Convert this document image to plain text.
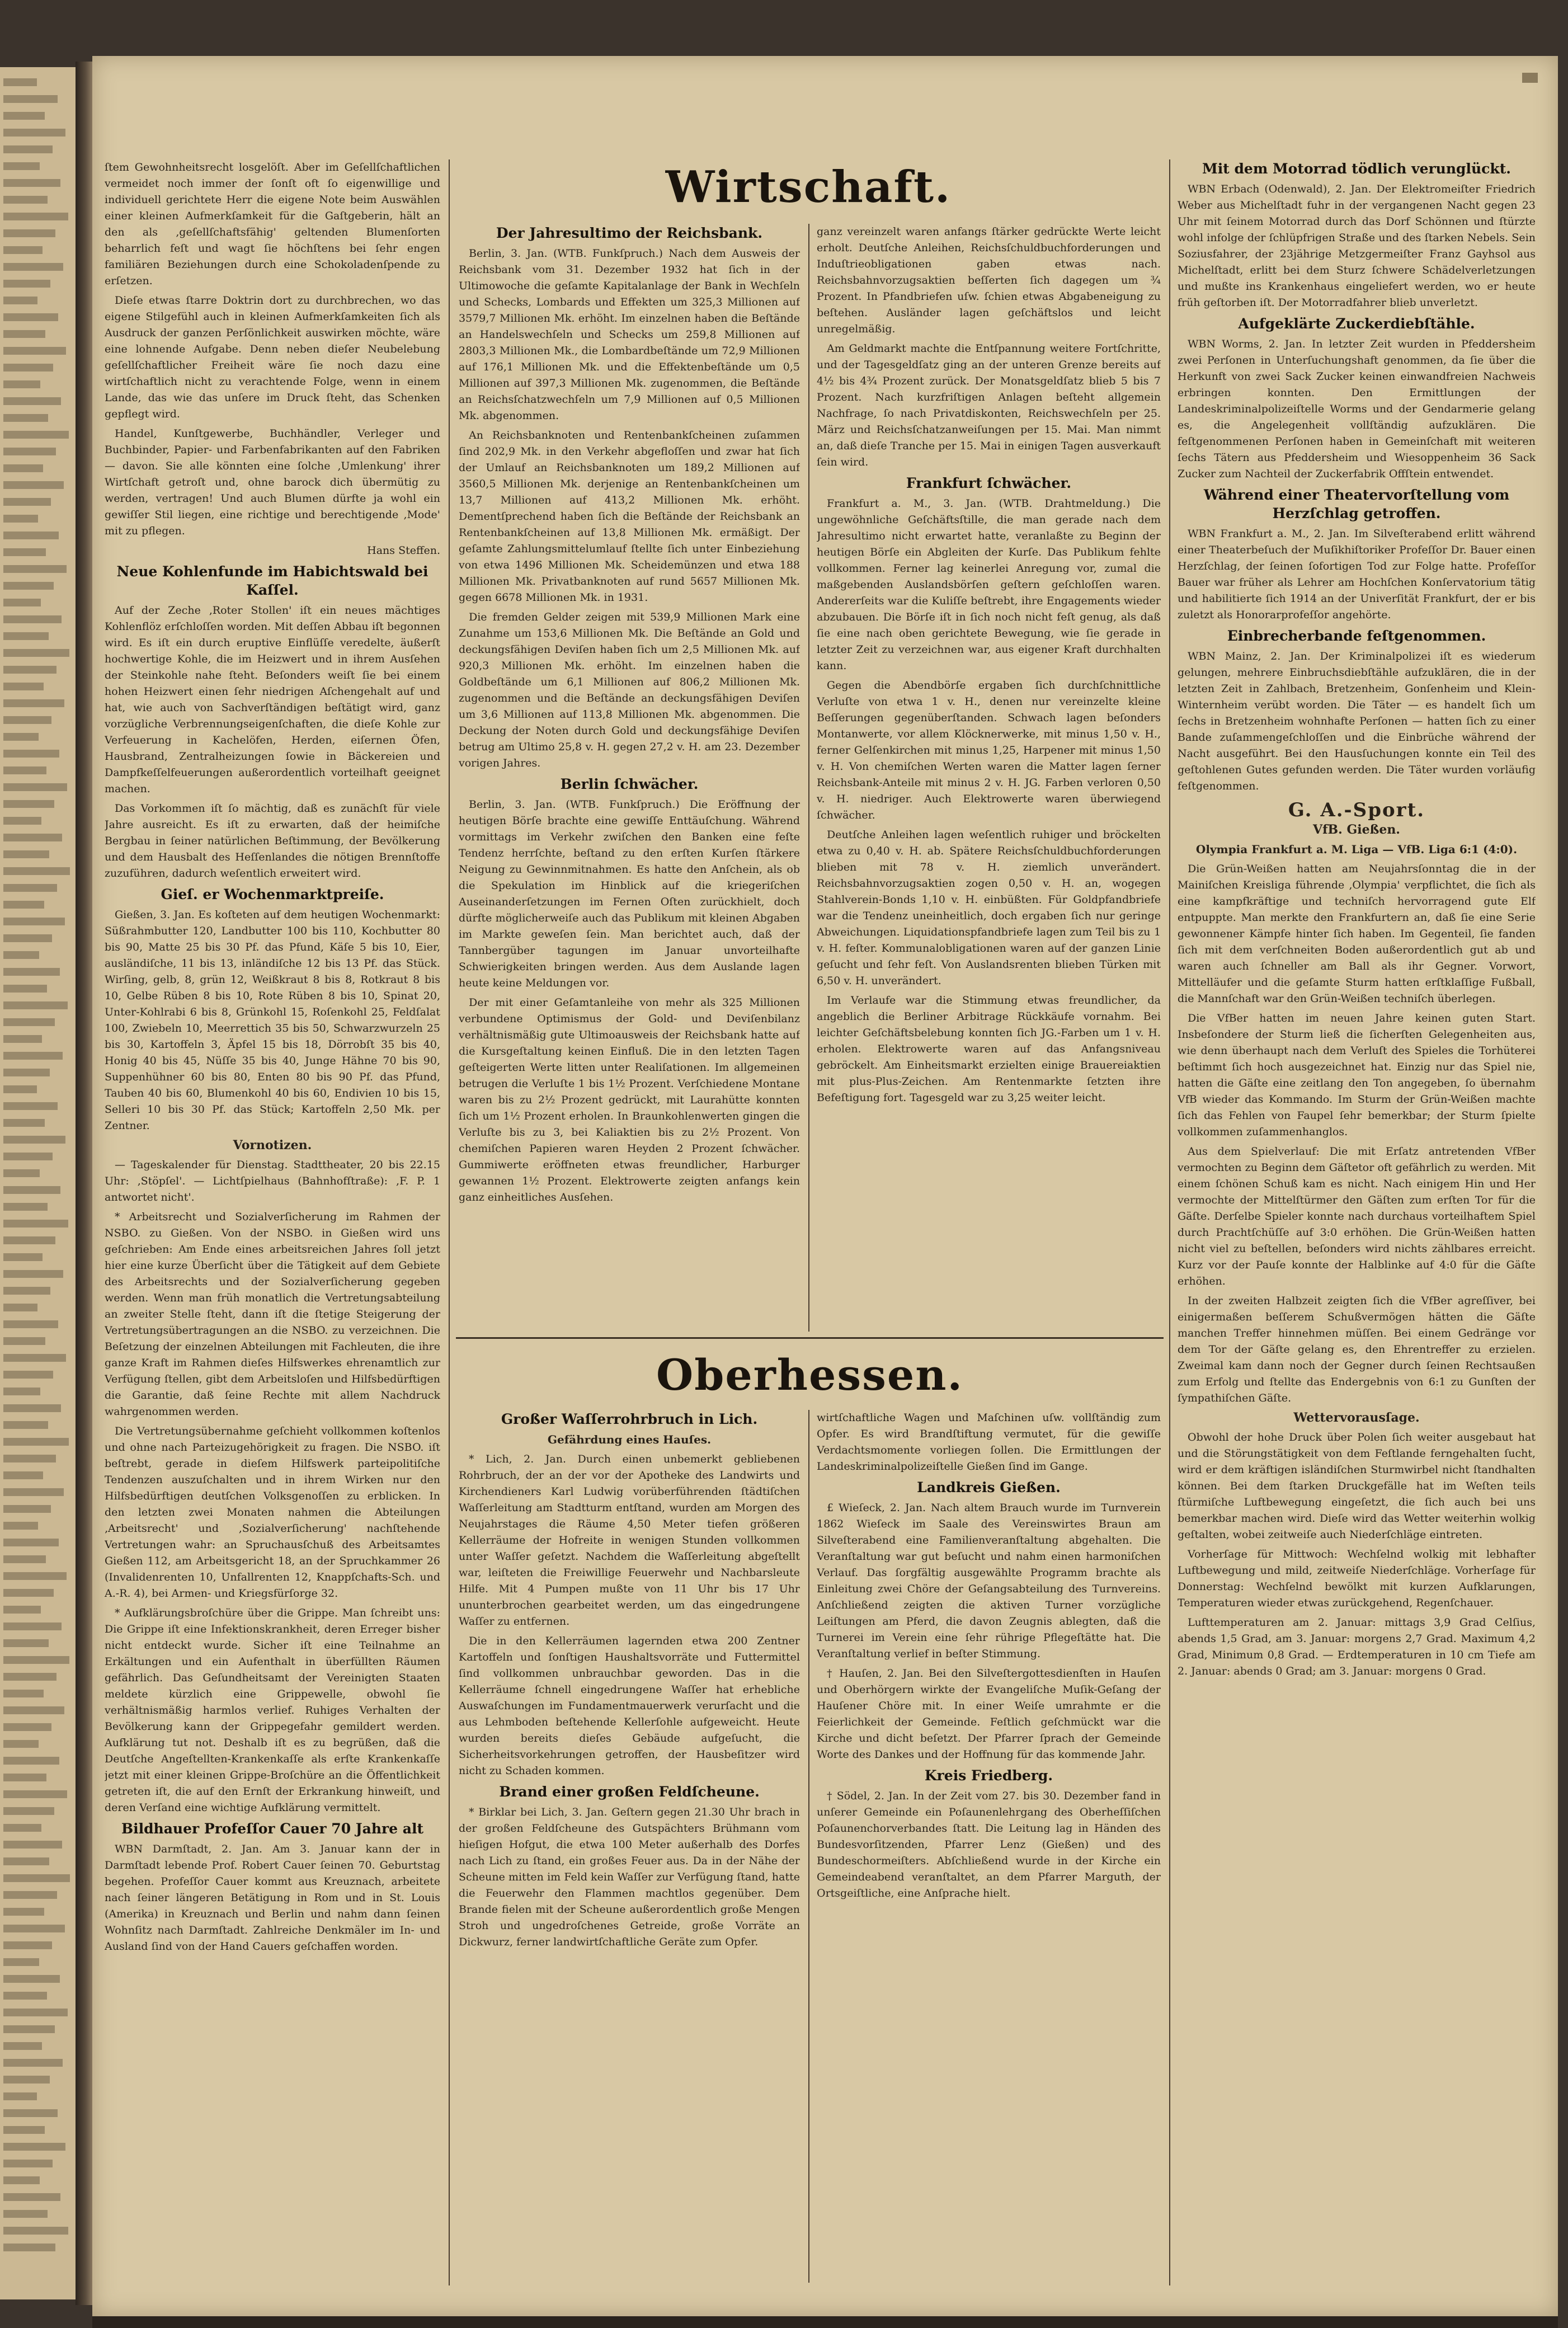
ſtem Gewohnheitsrecht losgelöſt. Aber im Geſellſchaftlichen vermeidet noch immer der ſonſt oft ſo eigenwillige und individuell gerichtete Herr die eigene Note beim Auswählen einer kleinen Aufmerkſamkeit für die Gaſtgeberin, hält an den als ‚geſellſchaftsfähig' geltenden Blumenſorten beharrlich feſt und wagt ſie höchſtens bei ſehr engen familiären Beziehungen durch eine Schokoladenſpende zu erſetzen.

Dieſe etwas ſtarre Doktrin dort zu durchbrechen, wo das eigene Stilgefühl auch in kleinen Aufmerkſamkeiten ſich als Ausdruck der ganzen Perſönlichkeit auswirken möchte, wäre eine lohnende Aufgabe. Denn neben dieſer Neubelebung geſellſchaftlicher Freiheit wäre ſie noch dazu eine wirtſchaftlich nicht zu verachtende Folge, wenn in einem Lande, das wie das unſere im Druck ſteht, das Schenken gepflegt wird.

Handel, Kunſtgewerbe, Buchhändler, Verleger und Buchbinder, Papier- und Farbenfabrikanten auf den Fabriken — davon. Sie alle könnten eine ſolche ‚Umlenkung' ihrer Wirtſchaft getroſt und, ohne barock dich übermütig zu werden, vertragen! Und auch Blumen dürfte ja wohl ein gewiſſer Stil liegen, eine richtige und berechtigende ‚Mode' mit zu pflegen.

Hans Steffen.

Neue Kohlenfunde im Habichtswald bei Kaſſel.

Auf der Zeche ‚Roter Stollen' iſt ein neues mächtiges Kohlenflöz erſchloſſen worden. Mit deſſen Abbau iſt begonnen wird. Es iſt ein durch eruptive Einflüſſe veredelte, äußerſt hochwertige Kohle, die im Heizwert und in ihrem Ausſehen der Steinkohle nahe ſteht. Beſonders weiſt ſie bei einem hohen Heizwert einen ſehr niedrigen Aſchengehalt auf und hat, wie auch von Sachverſtändigen beſtätigt wird, ganz vorzügliche Verbrennungseigenſchaften, die dieſe Kohle zur Verfeuerung in Kachelöfen, Herden, eiſernen Öfen, Hausbrand, Zentralheizungen ſowie in Bäckereien und Dampfkeſſelfeuerungen außerordentlich vorteilhaft geeignet machen.

Das Vorkommen iſt ſo mächtig, daß es zunächſt für viele Jahre ausreicht. Es iſt zu erwarten, daß der heimiſche Bergbau in ſeiner natürlichen Beſtimmung, der Bevölkerung und dem Hausbalt des Heſſenlandes die nötigen Brennſtoffe zuzuführen, dadurch weſentlich erweitert wird.

Gieſ. er Wochenmarktpreiſe.

Gießen, 3. Jan. Es koſteten auf dem heutigen Wochenmarkt: Süßrahmbutter 120, Landbutter 100 bis 110, Kochbutter 80 bis 90, Matte 25 bis 30 Pf. das Pfund, Käſe 5 bis 10, Eier, ausländiſche, 11 bis 13, inländiſche 12 bis 13 Pf. das Stück. Wirſing, gelb, 8, grün 12, Weißkraut 8 bis 8, Rotkraut 8 bis 10, Gelbe Rüben 8 bis 10, Rote Rüben 8 bis 10, Spinat 20, Unter-Kohlrabi 6 bis 8, Grünkohl 15, Roſenkohl 25, Feldſalat 100, Zwiebeln 10, Meerrettich 35 bis 50, Schwarzwurzeln 25 bis 30, Kartoffeln 3, Äpfel 15 bis 18, Dörrobſt 35 bis 40, Honig 40 bis 45, Nüſſe 35 bis 40, Junge Hähne 70 bis 90, Suppenhühner 60 bis 80, Enten 80 bis 90 Pf. das Pfund, Tauben 40 bis 60, Blumenkohl 40 bis 60, Endivien 10 bis 15, Selleri 10 bis 30 Pf. das Stück; Kartoffeln 2,50 Mk. per Zentner.

Vornotizen.

— Tageskalender für Dienstag. Stadttheater, 20 bis 22.15 Uhr: ‚Stöpſel'. — Lichtſpielhaus (Bahnhofſtraße): ‚F. P. 1 antwortet nicht'.

* Arbeitsrecht und Sozialverſicherung im Rahmen der NSBO. zu Gießen. Von der NSBO. in Gießen wird uns geſchrieben: Am Ende eines arbeitsreichen Jahres ſoll jetzt hier eine kurze Überſicht über die Tätigkeit auf dem Gebiete des Arbeitsrechts und der Sozialverſicherung gegeben werden. Wenn man früh monatlich die Vertretungsabteilung an zweiter Stelle ſteht, dann iſt die ſtetige Steigerung der Vertretungsübertragungen an die NSBO. zu verzeichnen. Die Beſetzung der einzelnen Abteilungen mit Fachleuten, die ihre ganze Kraft im Rahmen dieſes Hilfswerkes ehrenamtlich zur Verfügung ſtellen, gibt dem Arbeitsloſen und Hilfsbedürftigen die Garantie, daß ſeine Rechte mit allem Nachdruck wahrgenommen werden.

Die Vertretungsübernahme geſchieht vollkommen koſtenlos und ohne nach Parteizugehörigkeit zu fragen. Die NSBO. iſt beſtrebt, gerade in dieſem Hilfswerk parteipolitiſche Tendenzen auszuſchalten und in ihrem Wirken nur den Hilfsbedürftigen deutſchen Volksgenoſſen zu erblicken. In den letzten zwei Monaten nahmen die Abteilungen ‚Arbeitsrecht' und ‚Sozialverſicherung' nachſtehende Vertretungen wahr: an Spruchausſchuß des Arbeitsamtes Gießen 112, am Arbeitsgericht 18, an der Spruchkammer 26 (Invalidenrenten 10, Unfallrenten 12, Knappſchafts-Sch. und A.-R. 4), bei Armen- und Kriegsfürſorge 32.

* Aufklärungsbroſchüre über die Grippe. Man ſchreibt uns: Die Grippe iſt eine Infektionskrankheit, deren Erreger bisher nicht entdeckt wurde. Sicher iſt eine Teilnahme an Erkältungen und ein Aufenthalt in überfüllten Räumen gefährlich. Das Geſundheitsamt der Vereinigten Staaten meldete kürzlich eine Grippewelle, obwohl ſie verhältnismäßig harmlos verlief. Ruhiges Verhalten der Bevölkerung kann der Grippegefahr gemildert werden. Aufklärung tut not. Deshalb iſt es zu begrüßen, daß die Deutſche Angeſtellten-Krankenkaſſe als erſte Krankenkaſſe jetzt mit einer kleinen Grippe-Broſchüre an die Öffentlichkeit getreten iſt, die auf den Ernſt der Erkrankung hinweiſt, und deren Verſand eine wichtige Aufklärung vermittelt.

Bildhauer Profeſſor Cauer 70 Jahre alt

WBN Darmſtadt, 2. Jan. Am 3. Januar kann der in Darmſtadt lebende Prof. Robert Cauer ſeinen 70. Geburtstag begehen. Profeſſor Cauer kommt aus Kreuznach, arbeitete nach ſeiner längeren Betätigung in Rom und in St. Louis (Amerika) in Kreuznach und Berlin und nahm dann ſeinen Wohnſitz nach Darmſtadt. Zahlreiche Denkmäler im In- und Ausland ſind von der Hand Cauers geſchaffen worden.

Wirtschaft.

Der Jahresultimo der Reichsbank.

Berlin, 3. Jan. (WTB. Funkſpruch.) Nach dem Ausweis der Reichsbank vom 31. Dezember 1932 hat ſich in der Ultimowoche die geſamte Kapitalanlage der Bank in Wechſeln und Schecks, Lombards und Effekten um 325,3 Millionen auf 3579,7 Millionen Mk. erhöht. Im einzelnen haben die Beſtände an Handelswechſeln und Schecks um 259,8 Millionen auf 2803,3 Millionen Mk., die Lombardbeſtände um 72,9 Millionen auf 176,1 Millionen Mk. und die Effektenbeſtände um 0,5 Millionen auf 397,3 Millionen Mk. zugenommen, die Beſtände an Reichsſchatzwechſeln um 7,9 Millionen auf 0,5 Millionen Mk. abgenommen.

An Reichsbanknoten und Rentenbankſcheinen zuſammen ſind 202,9 Mk. in den Verkehr abgefloſſen und zwar hat ſich der Umlauf an Reichsbanknoten um 189,2 Millionen auf 3560,5 Millionen Mk. derjenige an Rentenbankſcheinen um 13,7 Millionen auf 413,2 Millionen Mk. erhöht. Dementſprechend haben ſich die Beſtände der Reichsbank an Rentenbankſcheinen auf 13,8 Millionen Mk. ermäßigt. Der geſamte Zahlungsmittelumlauf ſtellte ſich unter Einbeziehung von etwa 1496 Millionen Mk. Scheidemünzen und etwa 188 Millionen Mk. Privatbanknoten auf rund 5657 Millionen Mk. gegen 6678 Millionen Mk. in 1931.

Die fremden Gelder zeigen mit 539,9 Millionen Mark eine Zunahme um 153,6 Millionen Mk. Die Beſtände an Gold und deckungsfähigen Deviſen haben ſich um 2,5 Millionen Mk. auf 920,3 Millionen Mk. erhöht. Im einzelnen haben die Goldbeſtände um 6,1 Millionen auf 806,2 Millionen Mk. zugenommen und die Beſtände an deckungsfähigen Deviſen um 3,6 Millionen auf 113,8 Millionen Mk. abgenommen. Die Deckung der Noten durch Gold und deckungsfähige Deviſen betrug am Ultimo 25,8 v. H. gegen 27,2 v. H. am 23. Dezember vorigen Jahres.

Berlin ſchwächer.

Berlin, 3. Jan. (WTB. Funkſpruch.) Die Eröffnung der heutigen Börſe brachte eine gewiſſe Enttäuſchung. Während vormittags im Verkehr zwiſchen den Banken eine feſte Tendenz herrſchte, beſtand zu den erſten Kurſen ſtärkere Neigung zu Gewinnmitnahmen. Es hatte den Anſchein, als ob die Spekulation im Hinblick auf die kriegeriſchen Auseinanderſetzungen im Fernen Oſten zurückhielt, doch dürfte möglicherweiſe auch das Publikum mit kleinen Abgaben im Markte geweſen ſein. Man berichtet auch, daß der Tannbergüber tagungen im Januar unvorteilhafte Schwierigkeiten bringen werden. Aus dem Auslande lagen heute keine Meldungen vor.

Der mit einer Geſamtanleihe von mehr als 325 Millionen verbundene Optimismus der Gold- und Deviſenbilanz verhältnismäßig gute Ultimoausweis der Reichsbank hatte auf die Kursgeſtaltung keinen Einfluß. Die in den letzten Tagen geſteigerten Werte litten unter Realiſationen. Im allgemeinen betrugen die Verluſte 1 bis 1½ Prozent. Verſchiedene Montane waren bis zu 2½ Prozent gedrückt, mit Laurahütte konnten ſich um 1½ Prozent erholen. In Braunkohlenwerten gingen die Verluſte bis zu 3, bei Kaliaktien bis zu 2½ Prozent. Von chemiſchen Papieren waren Heyden 2 Prozent ſchwächer. Gummiwerte eröffneten etwas freundlicher, Harburger gewannen 1½ Prozent. Elektrowerte zeigten anfangs kein ganz einheitliches Ausſehen.

ganz vereinzelt waren anfangs ſtärker gedrückte Werte leicht erholt. Deutſche Anleihen, Reichsſchuldbuchforderungen und Induſtrieobligationen gaben etwas nach. Reichsbahnvorzugsaktien beſſerten ſich dagegen um ¾ Prozent. In Pfandbriefen uſw. ſchien etwas Abgabeneigung zu beſtehen. Ausländer lagen geſchäftslos und leicht unregelmäßig.

Am Geldmarkt machte die Entſpannung weitere Fortſchritte, und der Tagesgeldſatz ging an der unteren Grenze bereits auf 4½ bis 4¾ Prozent zurück. Der Monatsgeldſatz blieb 5 bis 7 Prozent. Nach kurzfriſtigen Anlagen beſteht allgemein Nachfrage, ſo nach Privatdiskonten, Reichswechſeln per 25. März und Reichsſchatzanweiſungen per 15. Mai. Man nimmt an, daß dieſe Tranche per 15. Mai in einigen Tagen ausverkauft ſein wird.

Frankfurt ſchwächer.

Frankfurt a. M., 3. Jan. (WTB. Drahtmeldung.) Die ungewöhnliche Geſchäftsſtille, die man gerade nach dem Jahresultimo nicht erwartet hatte, veranlaßte zu Beginn der heutigen Börſe ein Abgleiten der Kurſe. Das Publikum fehlte vollkommen. Ferner lag keinerlei Anregung vor, zumal die maßgebenden Auslandsbörſen geſtern geſchloſſen waren. Andererſeits war die Kuliſſe beſtrebt, ihre Engagements wieder abzubauen. Die Börſe iſt in ſich noch nicht feſt genug, als daß ſie eine nach oben gerichtete Bewegung, wie ſie gerade in letzter Zeit zu verzeichnen war, aus eigener Kraft durchhalten kann.

Gegen die Abendbörſe ergaben ſich durchſchnittliche Verluſte von etwa 1 v. H., denen nur vereinzelte kleine Beſſerungen gegenüberſtanden. Schwach lagen beſonders Montanwerte, vor allem Klöcknerwerke, mit minus 1,50 v. H., ferner Gelſenkirchen mit minus 1,25, Harpener mit minus 1,50 v. H. Von chemiſchen Werten waren die Matter lagen ſerner Reichsbank-Anteile mit minus 2 v. H. JG. Farben verloren 0,50 v. H. niedriger. Auch Elektrowerte waren überwiegend ſchwächer.

Deutſche Anleihen lagen weſentlich ruhiger und bröckelten etwa zu 0,40 v. H. ab. Spätere Reichsſchuldbuchforderungen blieben mit 78 v. H. ziemlich unverändert. Reichsbahnvorzugsaktien zogen 0,50 v. H. an, wogegen Stahlverein-Bonds 1,10 v. H. einbüßten. Für Goldpfandbriefe war die Tendenz uneinheitlich, doch ergaben ſich nur geringe Abweichungen. Liquidationspfandbriefe lagen zum Teil bis zu 1 v. H. feſter. Kommunalobligationen waren auf der ganzen Linie geſucht und ſehr feſt. Von Auslandsrenten blieben Türken mit 6,50 v. H. unverändert.

Im Verlaufe war die Stimmung etwas freundlicher, da angeblich die Berliner Arbitrage Rückkäufe vornahm. Bei leichter Geſchäftsbelebung konnten ſich JG.-Farben um 1 v. H. erholen. Elektrowerte waren auf das Anfangsniveau gebröckelt. Am Einheitsmarkt erzielten einige Brauereiaktien mit plus-Plus-Zeichen. Am Rentenmarkte ſetzten ihre Befeſtigung fort. Tagesgeld war zu 3,25 weiter leicht.

Oberhessen.

Großer Waſſerrohrbruch in Lich.

Gefährdung eines Hauſes.

* Lich, 2. Jan. Durch einen unbemerkt gebliebenen Rohrbruch, der an der vor der Apotheke des Landwirts und Kirchendieners Karl Ludwig vorüberführenden ſtädtiſchen Waſſerleitung am Stadtturm entſtand, wurden am Morgen des Neujahrstages die Räume 4,50 Meter tiefen größeren Kellerräume der Hofreite in wenigen Stunden vollkommen unter Waſſer geſetzt. Nachdem die Waſſerleitung abgeſtellt war, leiſteten die Freiwillige Feuerwehr und Nachbarsleute Hilfe. Mit 4 Pumpen mußte von 11 Uhr bis 17 Uhr ununterbrochen gearbeitet werden, um das eingedrungene Waſſer zu entfernen.

Die in den Kellerräumen lagernden etwa 200 Zentner Kartoffeln und ſonſtigen Haushaltsvorräte und Futtermittel ſind vollkommen unbrauchbar geworden. Das in die Kellerräume ſchnell eingedrungene Waſſer hat erhebliche Auswaſchungen im Fundamentmauerwerk verurſacht und die aus Lehmboden beſtehende Kellerſohle aufgeweicht. Heute wurden bereits dieſes Gebäude aufgeſucht, die Sicherheitsvorkehrungen getroffen, der Hausbeſitzer wird nicht zu Schaden kommen.

Brand einer großen Feldſcheune.

* Birklar bei Lich, 3. Jan. Geſtern gegen 21.30 Uhr brach in der großen Feldſcheune des Gutspächters Brühmann vom hieſigen Hofgut, die etwa 100 Meter außerhalb des Dorfes nach Lich zu ſtand, ein großes Feuer aus. Da in der Nähe der Scheune mitten im Feld kein Waſſer zur Verfügung ſtand, hatte die Feuerwehr den Flammen machtlos gegenüber. Dem Brande fielen mit der Scheune außerordentlich große Mengen Stroh und ungedroſchenes Getreide, große Vorräte an Dickwurz, ferner landwirtſchaftliche Geräte zum Opfer.

wirtſchaftliche Wagen und Maſchinen uſw. vollſtändig zum Opfer. Es wird Brandſtiftung vermutet, für die gewiſſe Verdachtsmomente vorliegen ſollen. Die Ermittlungen der Landeskriminalpolizeiſtelle Gießen ſind im Gange.

Landkreis Gießen.

£ Wieſeck, 2. Jan. Nach altem Brauch wurde im Turnverein 1862 Wieſeck im Saale des Vereinswirtes Braun am Silveſterabend eine Familienveranſtaltung abgehalten. Die Veranſtaltung war gut beſucht und nahm einen harmoniſchen Verlauf. Das ſorgfältig ausgewählte Programm brachte als Einleitung zwei Chöre der Geſangsabteilung des Turnvereins. Anſchließend zeigten die aktiven Turner vorzügliche Leiſtungen am Pferd, die davon Zeugnis ablegten, daß die Turnerei im Verein eine ſehr rührige Pflegeſtätte hat. Die Veranſtaltung verlief in beſter Stimmung.

† Hauſen, 2. Jan. Bei den Silveſtergottesdienſten in Hauſen und Oberhörgern wirkte der Evangeliſche Muſik-Geſang der Hauſener Chöre mit. In einer Weiſe umrahmte er die Feierlichkeit der Gemeinde. Feſtlich geſchmückt war die Kirche und dicht beſetzt. Der Pfarrer ſprach der Gemeinde Worte des Dankes und der Hoffnung für das kommende Jahr.

Kreis Friedberg.

† Södel, 2. Jan. In der Zeit vom 27. bis 30. Dezember fand in unſerer Gemeinde ein Poſaunenlehrgang des Oberheſſiſchen Poſaunenchorverbandes ſtatt. Die Leitung lag in Händen des Bundesvorſitzenden, Pfarrer Lenz (Gießen) und des Bundeschormeiſters. Abſchließend wurde in der Kirche ein Gemeindeabend veranſtaltet, an dem Pfarrer Marguth, der Ortsgeiſtliche, eine Anſprache hielt.

Mit dem Motorrad tödlich verunglückt.

WBN Erbach (Odenwald), 2. Jan. Der Elektromeiſter Friedrich Weber aus Michelſtadt fuhr in der vergangenen Nacht gegen 23 Uhr mit ſeinem Motorrad durch das Dorf Schönnen und ſtürzte wohl infolge der ſchlüpfrigen Straße und des ſtarken Nebels. Sein Soziusfahrer, der 23jährige Metzgermeiſter Franz Gayhsol aus Michelſtadt, erlitt bei dem Sturz ſchwere Schädelverletzungen und mußte ins Krankenhaus eingeliefert werden, wo er heute früh geſtorben iſt. Der Motorradfahrer blieb unverletzt.

Aufgeklärte Zuckerdiebſtähle.

WBN Worms, 2. Jan. In letzter Zeit wurden in Pfeddersheim zwei Perſonen in Unterſuchungshaft genommen, da ſie über die Herkunft von zwei Sack Zucker keinen einwandfreien Nachweis erbringen konnten. Den Ermittlungen der Landeskriminalpolizeiſtelle Worms und der Gendarmerie gelang es, die Angelegenheit vollſtändig aufzuklären. Die feſtgenommenen Perſonen haben in Gemeinſchaft mit weiteren ſechs Tätern aus Pfeddersheim und Wiesoppenheim 36 Sack Zucker zum Nachteil der Zuckerfabrik Offſtein entwendet.

Während einer Theatervorſtellung vom Herzſchlag getroffen.

WBN Frankfurt a. M., 2. Jan. Im Silveſterabend erlitt während einer Theaterbeſuch der Muſikhiſtoriker Profeſſor Dr. Bauer einen Herzſchlag, der ſeinen ſofortigen Tod zur Folge hatte. Profeſſor Bauer war früher als Lehrer am Hochſchen Konſervatorium tätig und habilitierte ſich 1914 an der Univerſität Frankfurt, der er bis zuletzt als Honorarprofeſſor angehörte.

Einbrecherbande feſtgenommen.

WBN Mainz, 2. Jan. Der Kriminalpolizei iſt es wiederum gelungen, mehrere Einbruchsdiebſtähle aufzuklären, die in der letzten Zeit in Zahlbach, Bretzenheim, Gonſenheim und Klein-Winternheim verübt worden. Die Täter — es handelt ſich um ſechs in Bretzenheim wohnhafte Perſonen — hatten ſich zu einer Bande zuſammengeſchloſſen und die Einbrüche während der Nacht ausgeführt. Bei den Hausſuchungen konnte ein Teil des geſtohlenen Gutes gefunden werden. Die Täter wurden vorläufig feſtgenommen.

G. A.-Sport.

VfB. Gießen.

Olympia Frankfurt a. M. Liga — VfB. Liga 6:1 (4:0).

Die Grün-Weißen hatten am Neujahrsſonntag die in der Mainiſchen Kreisliga führende ‚Olympia' verpflichtet, die ſich als eine kampfkräftige und techniſch hervorragend gute Elf entpuppte. Man merkte den Frankfurtern an, daß ſie eine Serie gewonnener Kämpfe hinter ſich haben. Im Gegenteil, ſie fanden ſich mit dem verſchneiten Boden außerordentlich gut ab und waren auch ſchneller am Ball als ihr Gegner. Vorwort, Mittelläufer und die geſamte Sturm hatten erſtklaſſige Fußball, die Mannſchaft war den Grün-Weißen techniſch überlegen.

Die VfBer hatten im neuen Jahre keinen guten Start. Insbeſondere der Sturm ließ die ſicherſten Gelegenheiten aus, wie denn überhaupt nach dem Verluſt des Spieles die Torhüterei beſtimmt ſich hoch ausgezeichnet hat. Einzig nur das Spiel nie, hatten die Gäſte eine zeitlang den Ton angegeben, ſo übernahm VfB wieder das Kommando. Im Sturm der Grün-Weißen machte ſich das Fehlen von Faupel ſehr bemerkbar; der Sturm ſpielte vollkommen zuſammenhanglos.

Aus dem Spielverlauf: Die mit Erſatz antretenden VfBer vermochten zu Beginn dem Gäſtetor oft gefährlich zu werden. Mit einem ſchönen Schuß kam es nicht. Nach einigem Hin und Her vermochte der Mittelſtürmer den Gäſten zum erſten Tor für die Gäſte. Derſelbe Spieler konnte nach durchaus vorteilhaftem Spiel durch Prachtſchüſſe auf 3:0 erhöhen. Die Grün-Weißen hatten nicht viel zu beſtellen, beſonders wird nichts zählbares erreicht. Kurz vor der Pauſe konnte der Halblinke auf 4:0 für die Gäſte erhöhen.

In der zweiten Halbzeit zeigten ſich die VfBer agreſſiver, bei einigermaßen beſſerem Schußvermögen hätten die Gäſte manchen Treffer hinnehmen müſſen. Bei einem Gedränge vor dem Tor der Gäſte gelang es, den Ehrentreffer zu erzielen. Zweimal kam dann noch der Gegner durch ſeinen Rechtsaußen zum Erfolg und ſtellte das Endergebnis von 6:1 zu Gunſten der ſympathiſchen Gäſte.

Wettervorausſage.

Obwohl der hohe Druck über Polen ſich weiter ausgebaut hat und die Störungstätigkeit von dem Feſtlande ferngehalten ſucht, wird er dem kräftigen isländiſchen Sturmwirbel nicht ſtandhalten können. Bei dem ſtarken Druckgefälle hat im Weſten teils ſtürmiſche Luftbewegung eingeſetzt, die ſich auch bei uns bemerkbar machen wird. Dieſe wird das Wetter weiterhin wolkig geſtalten, wobei zeitweiſe auch Niederſchläge eintreten.

Vorherſage für Mittwoch: Wechſelnd wolkig mit lebhafter Luftbewegung und mild, zeitweiſe Niederſchläge. Vorherſage für Donnerstag: Wechſelnd bewölkt mit kurzen Aufklarungen, Temperaturen wieder etwas zurückgehend, Regenſchauer.

Lufttemperaturen am 2. Januar: mittags 3,9 Grad Celſius, abends 1,5 Grad, am 3. Januar: morgens 2,7 Grad. Maximum 4,2 Grad, Minimum 0,8 Grad. — Erdtemperaturen in 10 cm Tiefe am 2. Januar: abends 0 Grad; am 3. Januar: morgens 0 Grad.
